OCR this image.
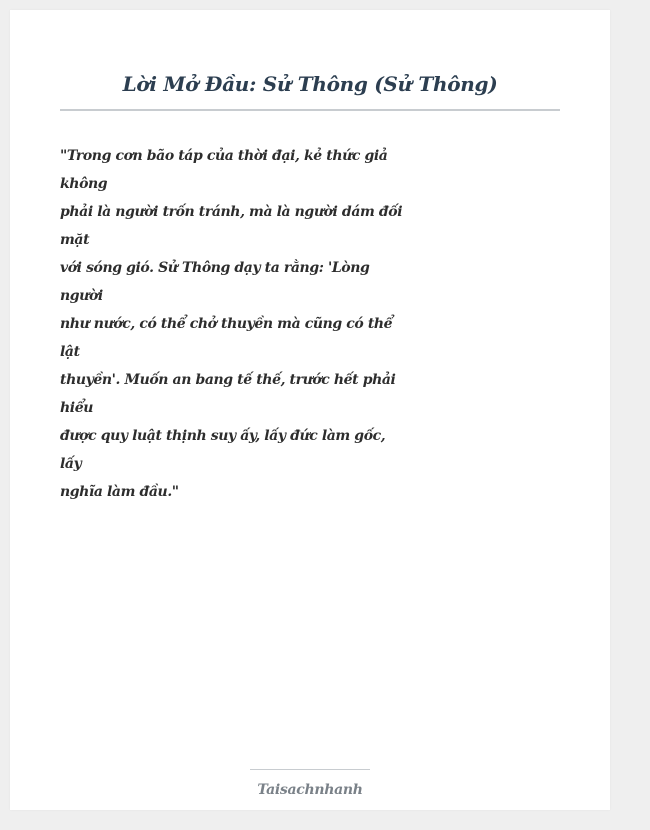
Lời Mở Đầu: Sử Thông (Sử Thông)
"Trong cơn bão táp của thời đại, kẻ thức giả
không
phải là người trốn tránh, mà là người dám đối
mặt
với sóng gió. Sử Thông dạy ta rằng: 'Lòng
người
như nước, có thể chở thuyền mà cũng có thể
lật
thuyền'. Muốn an bang tế thế, trước hết phải
hiểu
được quy luật thịnh suy ấy, lấy đức làm gốc,
lấy
nghĩa làm đầu."
Taisachnhanh
